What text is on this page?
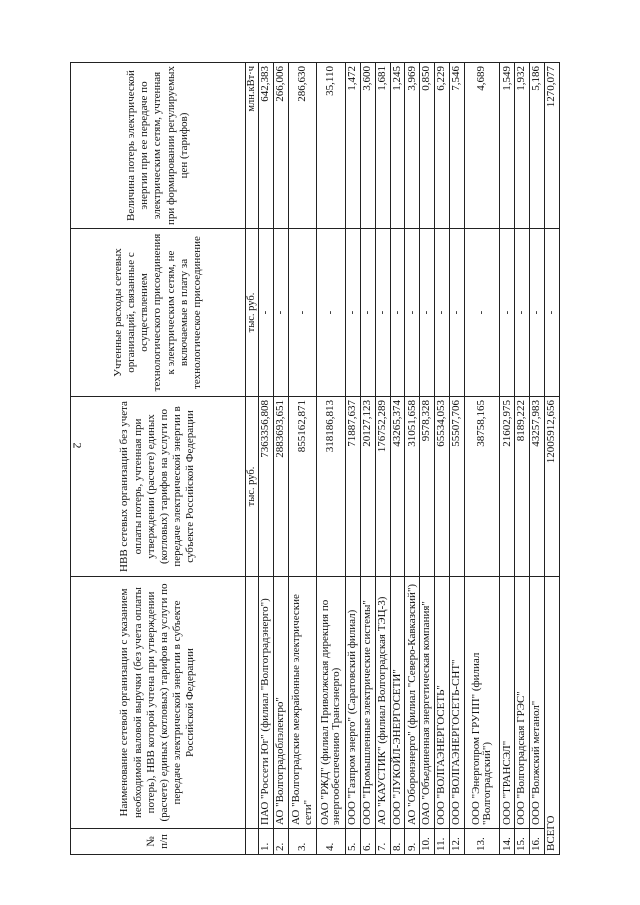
2
№
п/п	Наименование сетевой организации с указанием необходимой валовой выручки (без учета оплаты потерь), НВВ которой учтена при утверждении (расчете) единых (котловых) тарифов на услуги по передаче электрической энергии в субъекте Российской Федерации	НВВ сетевых организаций без учета оплаты потерь, учтенная при утверждении (расчете) единых (котловых) тарифов на услуги по передаче электрической энергии в субъекте Российской Федерации	Учтенные расходы сетевых организаций, связанные с осуществлением технологического присоединения к электрическим сетям, не включаемые в плату за технологическое присоединение	Величина потерь электрической энергии при ее передаче по электрическим сетям, учтенная при формировании регулируемых цен (тарифов)
		тыс. руб.	тыс. руб.	млн.кВт·ч
1.	ПАО "Россети Юг" (филиал "Волгоградэнерго")	7363356,808	-	642,383
2.	АО "Волгоградоблэлектро"	2883693,651	-	266,006
3.	АО "Волгоградские межрайонные электрические сети"	855162,871	-	286,630
4.	ОАО "РЖД" (филиал Приволжская дирекция по энергообеспечению Трансэнерго)	318186,813	-	35,110
5.	ООО "Газпром энерго" (Саратовский филиал)	71887,637	-	1,472
6.	ООО "Промышленные электрические системы"	20127,123	-	3,600
7.	АО "КАУСТИК" (филиал Волгоградская ТЭЦ-3)	176752,289	-	1,681
8.	ООО "ЛУКОЙЛ-ЭНЕРГОСЕТИ"	43265,374	-	1,245
9.	АО "Оборонэнерго" (филиал "Северо-Кавказский")	31051,658	-	3,969
10.	ОАО "Объединенная энергетическая компания"	9578,328	-	0,850
11.	ООО "ВОЛГАЭНЕРГОСЕТЬ"	65534,053	-	6,229
12.	ООО "ВОЛГАЭНЕРГОСЕТЬ-СНТ"	55507,706	-	7,546
13.	ООО "Энергопром ГРУПП" (филиал "Волгоградский")	38758,165	-	4,689
14.	ООО "ТРАНСЭЛ"	21602,975	-	1,549
15.	ООО "Волгоградская ГРЭС"	8189,222	-	1,932
16.	ООО "Волжский метанол"	43257,983	-	5,186
ВСЕГО		12005912,656	-	1270,077
